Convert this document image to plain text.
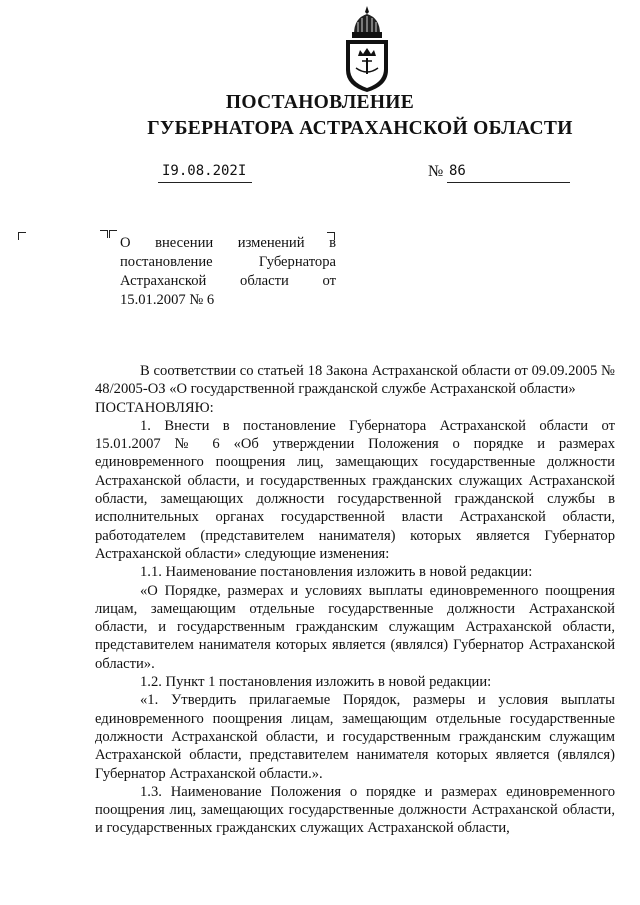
ПОСТАНОВЛЕНИЕ
ГУБЕРНАТОРА АСТРАХАНСКОЙ ОБЛАСТИ
I9.08.202I	№ 86
О внесении изменений в постановление Губернатора Астраханской области от 15.01.2007 № 6

В соответствии со статьей 18 Закона Астраханской области от 09.09.2005 № 48/2005-ОЗ «О государственной гражданской службе Астраханской области»

ПОСТАНОВЛЯЮ:

1. Внести в постановление Губернатора Астраханской области от 15.01.2007 № 6 «Об утверждении Положения о порядке и размерах единовременного поощрения лиц, замещающих государственные должности Астраханской области, и государственных гражданских служащих Астраханской области, замещающих должности государственной гражданской службы в исполнительных органах государственной власти Астраханской области, работодателем (представителем нанимателя) которых является Губернатор Астраханской области» следующие изменения:

1.1. Наименование постановления изложить в новой редакции:

«О Порядке, размерах и условиях выплаты единовременного поощрения лицам, замещающим отдельные государственные должности Астраханской области, и государственным гражданским служащим Астраханской области, представителем нанимателя которых является (являлся) Губернатор Астраханской области».

1.2. Пункт 1 постановления изложить в новой редакции:

«1. Утвердить прилагаемые Порядок, размеры и условия выплаты единовременного поощрения лицам, замещающим отдельные государственные должности Астраханской области, и государственным гражданским служащим Астраханской области, представителем нанимателя которых является (являлся) Губернатор Астраханской области.».

1.3. Наименование Положения о порядке и размерах единовременного поощрения лиц, замещающих государственные должности Астраханской области, и государственных гражданских служащих Астраханской области,
